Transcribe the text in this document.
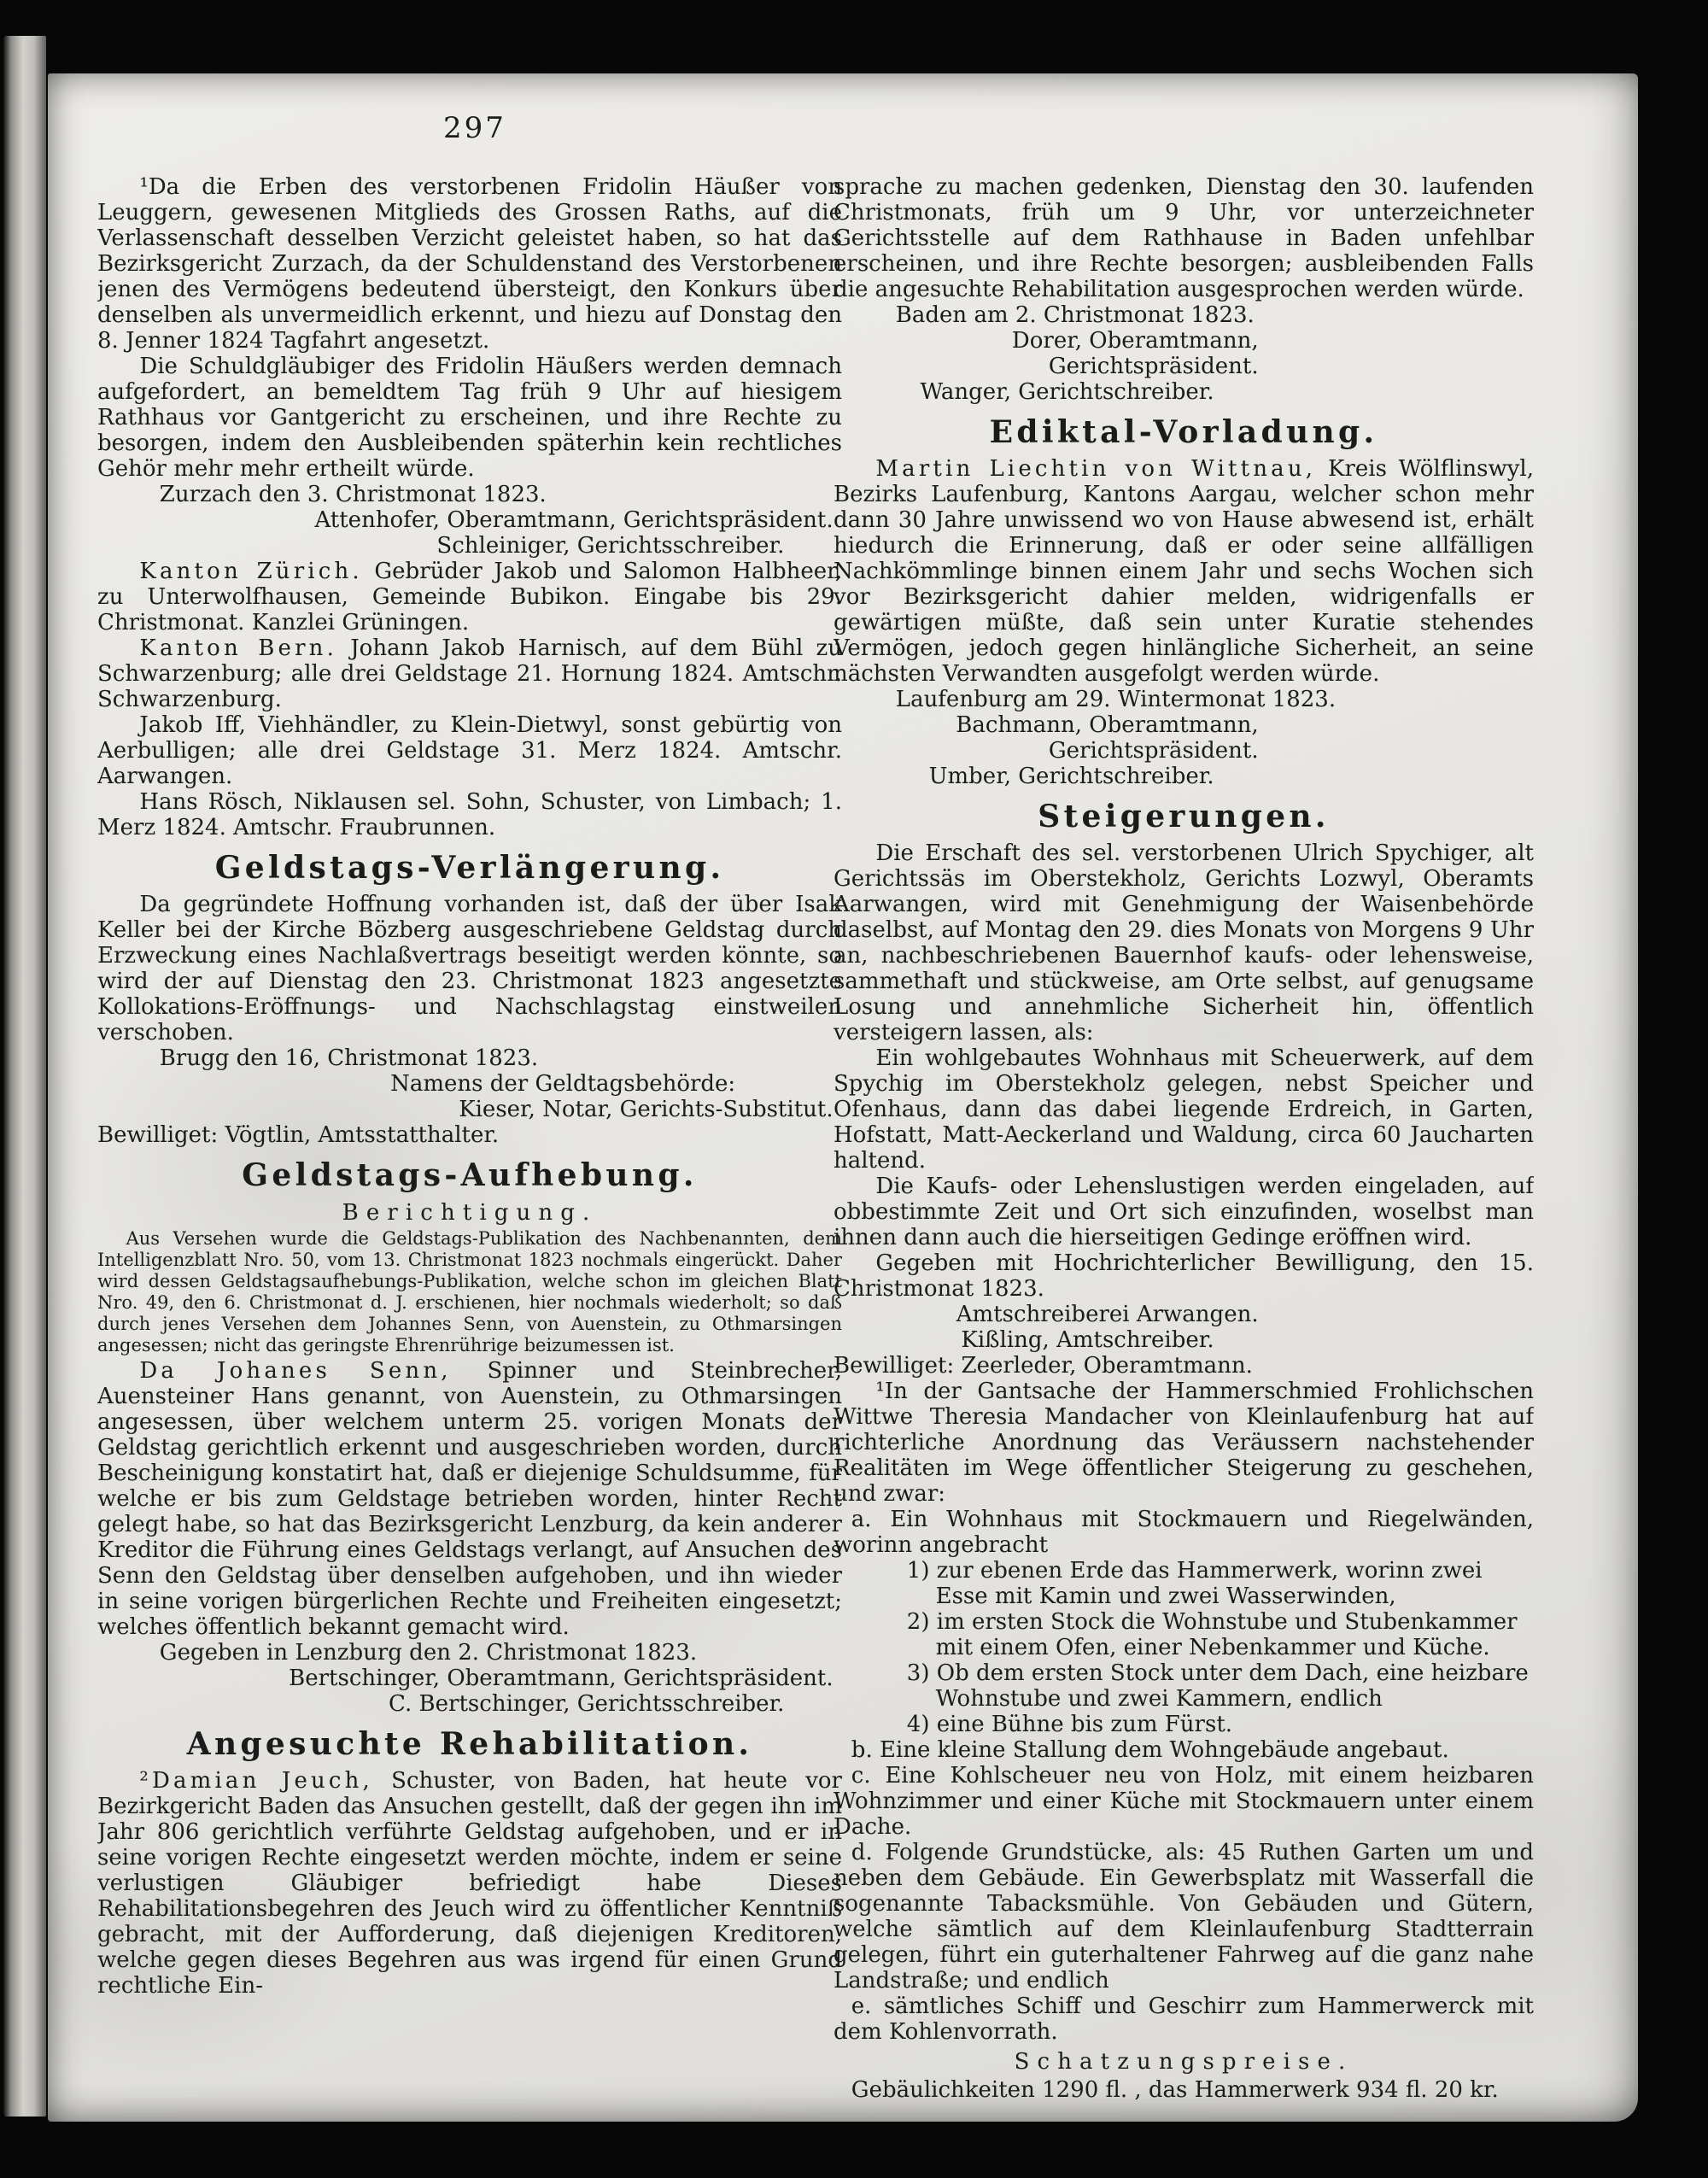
297
¹Da die Erben des verstorbenen Fridolin Häußer von Leuggern, gewesenen Mitglieds des Grossen Raths, auf die Verlassenschaft desselben Verzicht geleistet haben, so hat das Bezirksgericht Zurzach, da der Schuldenstand des Verstorbenen jenen des Vermögens bedeutend übersteigt, den Konkurs über denselben als unvermeidlich erkennt, und hiezu auf Donstag den 8. Jenner 1824 Tagfahrt angesetzt.
Die Schuldgläubiger des Fridolin Häußers werden demnach aufgefordert, an bemeldtem Tag früh 9 Uhr auf hiesigem Rathhaus vor Gantgericht zu erscheinen, und ihre Rechte zu besorgen, indem den Ausbleibenden späterhin kein rechtliches Gehör mehr mehr ertheilt würde.
Zurzach den 3. Christmonat 1823.
Attenhofer, Oberamtmann, Gerichtspräsident.
Schleiniger, Gerichtsschreiber.
Kanton Zürich. Gebrüder Jakob und Salomon Halbheer, zu Unterwolfhausen, Gemeinde Bubikon. Eingabe bis 29. Christmonat. Kanzlei Grüningen.
Kanton Bern. Johann Jakob Harnisch, auf dem Bühl zu Schwarzenburg; alle drei Geldstage 21. Hornung 1824. Amtschr. Schwarzenburg.
Jakob Iff, Viehhändler, zu Klein-Dietwyl, sonst gebürtig von Aerbulligen; alle drei Geldstage 31. Merz 1824. Amtschr. Aarwangen.
Hans Rösch, Niklausen sel. Sohn, Schuster, von Limbach; 1. Merz 1824. Amtschr. Fraubrunnen.
Geldstags-Verlängerung.
Da gegründete Hoffnung vorhanden ist, daß der über Isak Keller bei der Kirche Bözberg ausgeschriebene Geldstag durch Erzweckung eines Nachlaßvertrags beseitigt werden könnte, so wird der auf Dienstag den 23. Christmonat 1823 angesetzte Kollokations-Eröffnungs- und Nachschlagstag einstweilen verschoben.
Brugg den 16, Christmonat 1823.
Namens der Geldtagsbehörde:
Kieser, Notar, Gerichts-Substitut.
Bewilliget: Vögtlin, Amtsstatthalter.
Geldstags-Aufhebung.
Berichtigung.
Aus Versehen wurde die Geldstags-Publikation des Nachbenannten, dem Intelligenzblatt Nro. 50, vom 13. Christmonat 1823 nochmals eingerückt. Daher wird dessen Geldstagsaufhebungs-Publikation, welche schon im gleichen Blatt Nro. 49, den 6. Christmonat d. J. erschienen, hier nochmals wiederholt; so daß durch jenes Versehen dem Johannes Senn, von Auenstein, zu Othmarsingen angesessen; nicht das geringste Ehrenrührige beizumessen ist.
Da Johanes Senn, Spinner und Steinbrecher, Auensteiner Hans genannt, von Auenstein, zu Othmarsingen angesessen, über welchem unterm 25. vorigen Monats der Geldstag gerichtlich erkennt und ausgeschrieben worden, durch Bescheinigung konstatirt hat, daß er diejenige Schuldsumme, für welche er bis zum Geldstage betrieben worden, hinter Recht gelegt habe, so hat das Bezirksgericht Lenzburg, da kein anderer Kreditor die Führung eines Geldstags verlangt, auf Ansuchen des Senn den Geldstag über denselben aufgehoben, und ihn wieder in seine vorigen bürgerlichen Rechte und Freiheiten eingesetzt; welches öffentlich bekannt gemacht wird.
Gegeben in Lenzburg den 2. Christmonat 1823.
Bertschinger, Oberamtmann, Gerichtspräsident.
C. Bertschinger, Gerichtsschreiber.
Angesuchte Rehabilitation.
²Damian Jeuch, Schuster, von Baden, hat heute vor Bezirkgericht Baden das Ansuchen gestellt, daß der gegen ihn im Jahr 806 gerichtlich verführte Geldstag aufgehoben, und er in seine vorigen Rechte eingesetzt werden möchte, indem er seine verlustigen Gläubiger befriedigt habe Dieses Rehabilitationsbegehren des Jeuch wird zu öffentlicher Kenntniß gebracht, mit der Aufforderung, daß diejenigen Kreditoren, welche gegen dieses Begehren aus was irgend für einen Grund rechtliche Ein-
sprache zu machen gedenken, Dienstag den 30. laufenden Christmonats, früh um 9 Uhr, vor unterzeichneter Gerichtsstelle auf dem Rathhause in Baden unfehlbar erscheinen, und ihre Rechte besorgen; ausbleibenden Falls die angesuchte Rehabilitation ausgesprochen werden würde.
Baden am 2. Christmonat 1823.
Dorer, Oberamtmann, Gerichtspräsident.
Wanger, Gerichtschreiber.
Ediktal-Vorladung.
Martin Liechtin von Wittnau, Kreis Wölflinswyl, Bezirks Laufenburg, Kantons Aargau, welcher schon mehr dann 30 Jahre unwissend wo von Hause abwesend ist, erhält hiedurch die Erinnerung, daß er oder seine allfälligen Nachkömmlinge binnen einem Jahr und sechs Wochen sich vor Bezirksgericht dahier melden, widrigenfalls er gewärtigen müßte, daß sein unter Kuratie stehendes Vermögen, jedoch gegen hinlängliche Sicherheit, an seine nächsten Verwandten ausgefolgt werden würde.
Laufenburg am 29. Wintermonat 1823.
Bachmann, Oberamtmann, Gerichtspräsident.
Umber, Gerichtschreiber.
Steigerungen.
Die Erschaft des sel. verstorbenen Ulrich Spychiger, alt Gerichtssäs im Oberstekholz, Gerichts Lozwyl, Oberamts Aarwangen, wird mit Genehmigung der Waisenbehörde daselbst, auf Montag den 29. dies Monats von Morgens 9 Uhr an, nachbeschriebenen Bauernhof kaufs- oder lehensweise, sammethaft und stückweise, am Orte selbst, auf genugsame Losung und annehmliche Sicherheit hin, öffentlich versteigern lassen, als:
Ein wohlgebautes Wohnhaus mit Scheuerwerk, auf dem Spychig im Oberstekholz gelegen, nebst Speicher und Ofenhaus, dann das dabei liegende Erdreich, in Garten, Hofstatt, Matt-Aeckerland und Waldung, circa 60 Jaucharten haltend.
Die Kaufs- oder Lehenslustigen werden eingeladen, auf obbestimmte Zeit und Ort sich einzufinden, woselbst man ihnen dann auch die hierseitigen Gedinge eröffnen wird.
Gegeben mit Hochrichterlicher Bewilligung, den 15. Christmonat 1823.
Amtschreiberei Arwangen.
Kißling, Amtschreiber.
Bewilliget: Zeerleder, Oberamtmann.
¹In der Gantsache der Hammerschmied Frohlichschen Wittwe Theresia Mandacher von Kleinlaufenburg hat auf richterliche Anordnung das Veräussern nachstehender Realitäten im Wege öffentlicher Steigerung zu geschehen, und zwar:
a. Ein Wohnhaus mit Stockmauern und Riegelwänden, worinn angebracht
1) zur ebenen Erde das Hammerwerk, worinn zwei Esse mit Kamin und zwei Wasserwinden,
2) im ersten Stock die Wohnstube und Stubenkammer mit einem Ofen, einer Nebenkammer und Küche.
3) Ob dem ersten Stock unter dem Dach, eine heizbare Wohnstube und zwei Kammern, endlich
4) eine Bühne bis zum Fürst.
b. Eine kleine Stallung dem Wohngebäude angebaut.
c. Eine Kohlscheuer neu von Holz, mit einem heizbaren Wohnzimmer und einer Küche mit Stockmauern unter einem Dache.
d. Folgende Grundstücke, als: 45 Ruthen Garten um und neben dem Gebäude. Ein Gewerbsplatz mit Wasserfall die sogenannte Tabacksmühle. Von Gebäuden und Gütern, welche sämtlich auf dem Kleinlaufenburg Stadtterrain gelegen, führt ein guterhaltener Fahrweg auf die ganz nahe Landstraße; und endlich
e. sämtliches Schiff und Geschirr zum Hammerwerck mit dem Kohlenvorrath.
Schatzungspreise.
Gebäulichkeiten 1290 fl. , das Hammerwerk 934 fl. 20 kr.
